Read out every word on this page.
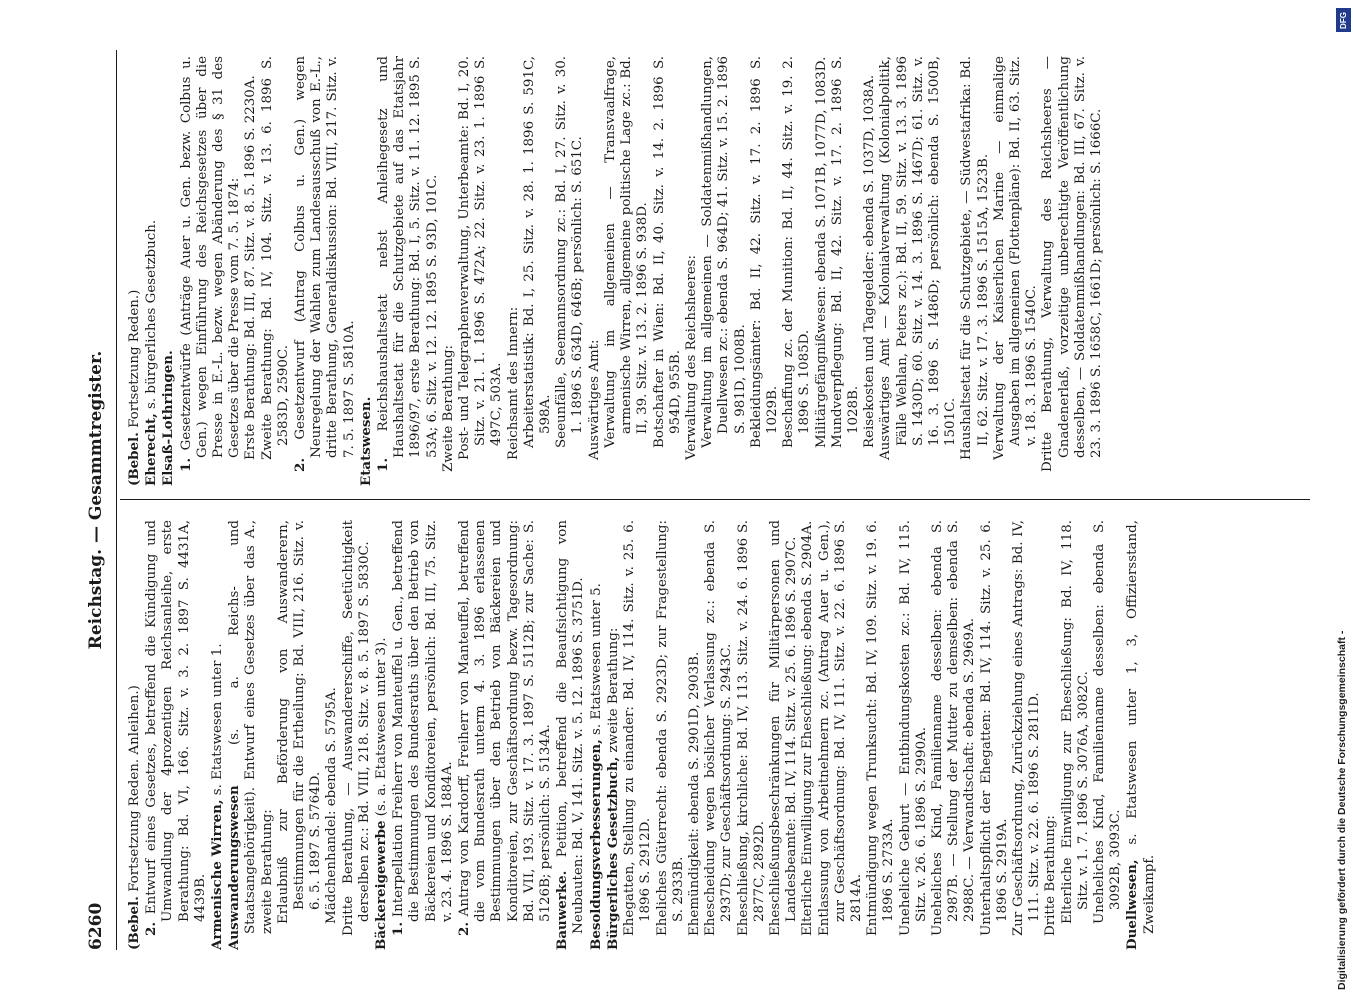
6260
Reichstag. — Gesammtregister.

(Bebel. Fortsetzung Reden. Anleihen.)

2. Entwurf eines Gesetzes, betreffend die Kündigung und Umwandlung der 4prozentigen Reichsanleihe, erste Berathung: Bd. VI, 166. Sitz. v. 3. 2. 1897 S. 4431A, 4439B. Armenische Wirren, s. Etatswesen unter 1.

Auswanderungswesen (s. a. Reichs- und Staatsangehörigkeit). Entwurf eines Gesetzes über das A., zweite Berathung: Erlaubniß zur Beförderung von Auswanderern, Bestimmungen für die Ertheilung: Bd. VIII, 216. Sitz. v. 6. 5. 1897 S. 5764D. Mädchenhandel: ebenda S. 5795A. Dritte Berathung, — Auswandererschiffe, Seetüchtigkeit derselben zc.: Bd. VIII, 218. Sitz. v. 8. 5. 1897 S. 5830C. Bäckereigewerbe (s. a. Etatswesen unter 3).

1. Interpellation Freiherr von Manteuffel u. Gen., betreffend die Bestimmungen des Bundesraths über den Betrieb von Bäckereien und Konditoreien, persönlich: Bd. III, 75. Sitz. v. 23. 4. 1896 S. 1884A.

2. Antrag von Kardorff, Freiherr von Manteuffel, betreffend die vom Bundesrath unterm 4. 3. 1896 erlassenen Bestimmungen über den Betrieb von Bäckereien und Konditoreien, zur Geschäftsordnung bezw. Tagesordnung: Bd. VII, 193. Sitz. v. 17. 3. 1897 S. 5112B; zur Sache: S. 5126B; persönlich: S. 5134A. Bauwerke. Petition, betreffend die Beaufsichtigung von Neubauten: Bd. V, 141. Sitz. v. 5. 12. 1896 S. 3751D. Besoldungsverbesserungen, s. Etatswesen unter 5.

Bürgerliches Gesetzbuch, zweite Berathung: Ehegatten, Stellung zu einander: Bd. IV, 114. Sitz. v. 25. 6. 1896 S. 2912D. Eheliches Güterrecht: ebenda S. 2923D; zur Fragestellung: S. 2933B. Ehemündigkeit: ebenda S. 2901D, 2903B. Ehescheidung wegen böslicher Verlassung zc.: ebenda S. 2937D; zur Geschäftsordnung: S. 2943C. Eheschließung, kirchliche: Bd. IV, 113. Sitz. v. 24. 6. 1896 S. 2877C, 2892D. Eheschließungsbeschränkungen für Militärpersonen und Landesbeamte: Bd. IV, 114. Sitz. v. 25. 6. 1896 S. 2907C. Elterliche Einwilligung zur Eheschließung: ebenda S. 2904A. Entlassung von Arbeitnehmern zc. (Antrag Auer u. Gen.), zur Geschäftsordnung: Bd. IV, 111. Sitz. v. 22. 6. 1896 S. 2814A. Entmündigung wegen Trunksucht: Bd. IV, 109. Sitz. v. 19. 6. 1896 S. 2733A. Uneheliche Geburt — Entbindungskosten zc.: Bd. IV, 115. Sitz. v. 26. 6. 1896 S. 2990A. Uneheliches Kind, Familienname desselben: ebenda S. 2987B. — Stellung der Mutter zu demselben: ebenda S. 2988C. — Verwandtschaft: ebenda S. 2969A. Unterhaltspflicht der Ehegatten: Bd. IV, 114. Sitz. v. 25. 6. 1896 S. 2919A. Zur Geschäftsordnung, Zurückziehung eines Antrags: Bd. IV, 111. Sitz. v. 22. 6. 1896 S. 2811D. Dritte Berathung: Elterliche Einwilligung zur Eheschließung: Bd. IV, 118. Sitz. v. 1. 7. 1896 S. 3076A, 3082C. Uneheliches Kind, Familienname desselben: ebenda S. 3092B, 3093C. Duellwesen, s. Etatswesen unter 1, 3, Offiziersstand, Zweikampf.

(Bebel. Fortsetzung Reden.)

Eherecht, s. bürgerliches Gesetzbuch.

Elsaß-Lothringen. 1. Gesetzentwürfe (Anträge Auer u. Gen. bezw. Colbus u. Gen.) wegen Einführung des Reichsgesetzes über die Presse in E.-L. bezw. wegen Abänderung des § 31 des Gesetzes über die Presse vom 7. 5. 1874: Erste Berathung: Bd. III, 87. Sitz. v. 8. 5. 1896 S. 2230A. Zweite Berathung: Bd. IV, 104. Sitz. v. 13. 6. 1896 S. 2583D, 2590C.

2. Gesetzentwurf (Antrag Colbus u. Gen.) wegen Neuregelung der Wahlen zum Landesausschuß von E.-L., dritte Berathung, Generaldiskussion: Bd. VIII, 217. Sitz. v. 7. 5. 1897 S. 5810A. Etatswesen. 1. Reichshaushaltsetat nebst Anleihegesetz und Haushaltsetat für die Schutzgebiete auf das Etatsjahr 1896/97, erste Berathung: Bd. I, 5. Sitz. v. 11. 12. 1895 S. 53A; 6. Sitz. v. 12. 12. 1895 S. 93D, 101C. Zweite Berathung: Post- und Telegraphenverwaltung, Unterbeamte: Bd. I, 20. Sitz. v. 21. 1. 1896 S. 472A; 22. Sitz. v. 23. 1. 1896 S. 497C, 503A. Reichsamt des Innern: Arbeiterstatistik: Bd. I, 25. Sitz. v. 28. 1. 1896 S. 591C, 598A. Seeunfälle, Seemannsordnung zc.: Bd. I, 27. Sitz. v. 30. 1. 1896 S. 634D, 646B; persönlich: S. 651C. Auswärtiges Amt: Verwaltung im allgemeinen — Transvaalfrage, armenische Wirren, allgemeine politische Lage zc.: Bd. II, 39. Sitz. v. 13. 2. 1896 S. 938D. Botschafter in Wien: Bd. II, 40. Sitz. v. 14. 2. 1896 S. 954D, 955B. Verwaltung des Reichsheeres: Verwaltung im allgemeinen — Soldatenmißhandlungen, Duellwesen zc.: ebenda S. 964D; 41. Sitz. v. 15. 2. 1896 S. 981D, 1008B. Bekleidungsämter: Bd. II, 42. Sitz. v. 17. 2. 1896 S. 1029B. Beschaffung zc. der Munition: Bd. II, 44. Sitz. v. 19. 2. 1896 S. 1085D. Militärgefängnißwesen: ebenda S. 1071B, 1077D, 1083D. Mundverpflegung: Bd. II, 42. Sitz. v. 17. 2. 1896 S. 1028B. Reisekosten und Tagegelder: ebenda S. 1037D, 1038A. Auswärtiges Amt — Kolonialverwaltung (Kolonialpolitik, Fälle Wehlan, Peters zc.): Bd. II, 59. Sitz. v. 13. 3. 1896 S. 1430D; 60. Sitz. v. 14. 3. 1896 S. 1467D; 61. Sitz. v. 16. 3. 1896 S. 1486D; persönlich: ebenda S. 1500B, 1501C. Haushaltsetat für die Schutzgebiete, — Südwestafrika: Bd. II, 62. Sitz. v. 17. 3. 1896 S. 1515A, 1523B. Verwaltung der Kaiserlichen Marine — einmalige Ausgaben im allgemeinen (Flottenpläne): Bd. II, 63. Sitz. v. 18. 3. 1896 S. 1540C. Dritte Berathung, Verwaltung des Reichsheeres — Gnadenerlaß, vorzeitige unberechtigte Veröffentlichung desselben, — Soldatenmißhandlungen: Bd. III, 67. Sitz. v. 23. 3. 1896 S. 1658C, 1661D; persönlich: S. 1666C.

Digitalisierung gefördert durch die Deutsche Forschungsgemeinschaft -
DFG
